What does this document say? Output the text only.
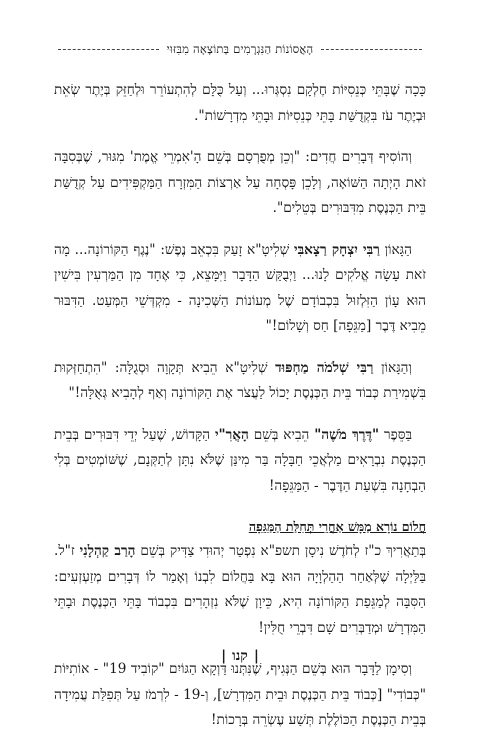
הָאֲסוֹנוֹת הַנִּגְרָמִים בְּתוֹצָאָה מִבִּזּוּי

כָּכָה שֶׁבָּתֵּי כְּנֵסִיּוֹת חֶלְקָם נִסְגְּרוּ... וְעַל כֻּלָּם לְהִתְעוֹרֵר וּלְחַזֵּק בְּיֶתֶר שְׂאֵת וּבְיֶתֶר עֹז בִּקְדֻשַּׁת בָּתֵּי כְּנֵסִיּוֹת וּבָתֵּי מִדְרָשׁוֹת".

וְהוֹסִיף דְּבָרִים חֲדִים: "וְכֵן מְפֻרְסָם בְּשֵׁם הָ'אִמְרֵי אֱמֶת' מִגּוּר, שֶׁבְּסִבָּה זֹאת הָיְתָה הַשּׁוֹאָה, וְלָכֵן פָּסְחָה עַל אַרְצוֹת הַמִּזְרָח הַמַּקְפִּידִים עַל קְדֻשַּׁת בֵּית הַכְּנֶסֶת מִדִּבּוּרִים בְּטֵלִים".

הַגָּאוֹן רַבִּי יִצְחָק רַצָאבִּי שְׁלִיטָ"א זָעַק בִּכְאֵב נֶפֶשׁ: "נֶגֶף הַקּוֹרוֹנָה... מָה זֹאת עָשָׂה אֱלֹקִים לָנוּ... וַיְבֻקַּשׁ הַדָּבָר וַיִּמָּצֵא, כִּי אֶחָד מִן הַמַּרְעִין בִּישִׁין הוּא עָוֹן הַזִּלְזוּל בִּכְבוֹדָם שֶׁל מְעוֹנוֹת הַשְּׁכִינָה - מִקְדְּשֵׁי הַמְּעַט. הַדִּבּוּר מֵבִיא דֶּבֶר [מַגֵּפָה] חַס וְשָׁלוֹם!"

וְהַגָּאוֹן רַבִּי שְׁלֹמֹה מַחְפּוּד שְׁלִיטָ"א הֵבִיא תְּקָוָה וּסְגֻלָּה: "הִתְחַזְּקוּת בִּשְׁמִירַת כְּבוֹד בֵּית הַכְּנֶסֶת יָכוֹל לַעֲצֹר אֶת הַקּוֹרוֹנָה וְאַף לְהָבִיא גְּאֻלָּה!"

בַּסֵּפֶר "דֶּרֶךְ מֹשֶׁה" הֵבִיא בְּשֵׁם הָאֲרִ"י הַקָּדוֹשׁ, שֶׁעַל יְדֵי דִּבּוּרִים בְּבֵית הַכְּנֶסֶת נִבְרָאִים מַלְאֲכֵי חַבָּלָה בַּר מִינַּן שֶׁלֹּא נִתָּן לְתַקְּנָם, שֶׁשּׁוֹמְטִים בְּלִי הַבְחָנָה בִּשְׁעַת הַדֶּבֶר - הַמַּגֵּפָה!

חֲלוֹם נוֹרָא מַמָּשׁ אַחֲרֵי תְּחִלַּת הַמַּגֵּפָה

בְּתַאֲרִיךְ כ"ז לְחֹדֶשׁ נִיסָן תשפ"א נִפְטַר יְהוּדִי צַדִּיק בְּשֵׁם הָרַב קַהְלָנִי ז"ל. בַּלַּיְלָה שֶׁלְּאַחַר הַהַלְוָיָה הוּא בָּא בַּחֲלוֹם לִבְנוֹ וְאָמַר לוֹ דְּבָרִים מְזַעְזְעִים: הַסִּבָּה לְמַגֵּפַת הַקּוֹרוֹנָה הִיא, כֵּיוָן שֶׁלֹּא נִזְהָרִים בִּכְבוֹד בָּתֵּי הַכְּנֶסֶת וּבָתֵּי הַמִּדְרָשׁ וּמְדַבְּרִים שָׁם דִּבְרֵי חֻלִּין!

וְסִימָן לַדָּבָר הוּא בְּשֵׁם הַנְּגִיף, שֶׁנִּתְּנוּ דַּוְקָא הַגּוֹיִם "קוֹבִיד 19" - אוֹתִיּוֹת "כְּבוֹדִי" [כְּבוֹד בֵּית הַכְּנֶסֶת וּבֵית הַמִּדְרָשׁ], וְ-19 - לִרְמֹז עַל תְּפִלַּת עֲמִידָה בְּבֵית הַכְּנֶסֶת הַכּוֹלֶלֶת תְּשַׁע עֶשְׂרֵה בְּרָכוֹת!

|קנו|
